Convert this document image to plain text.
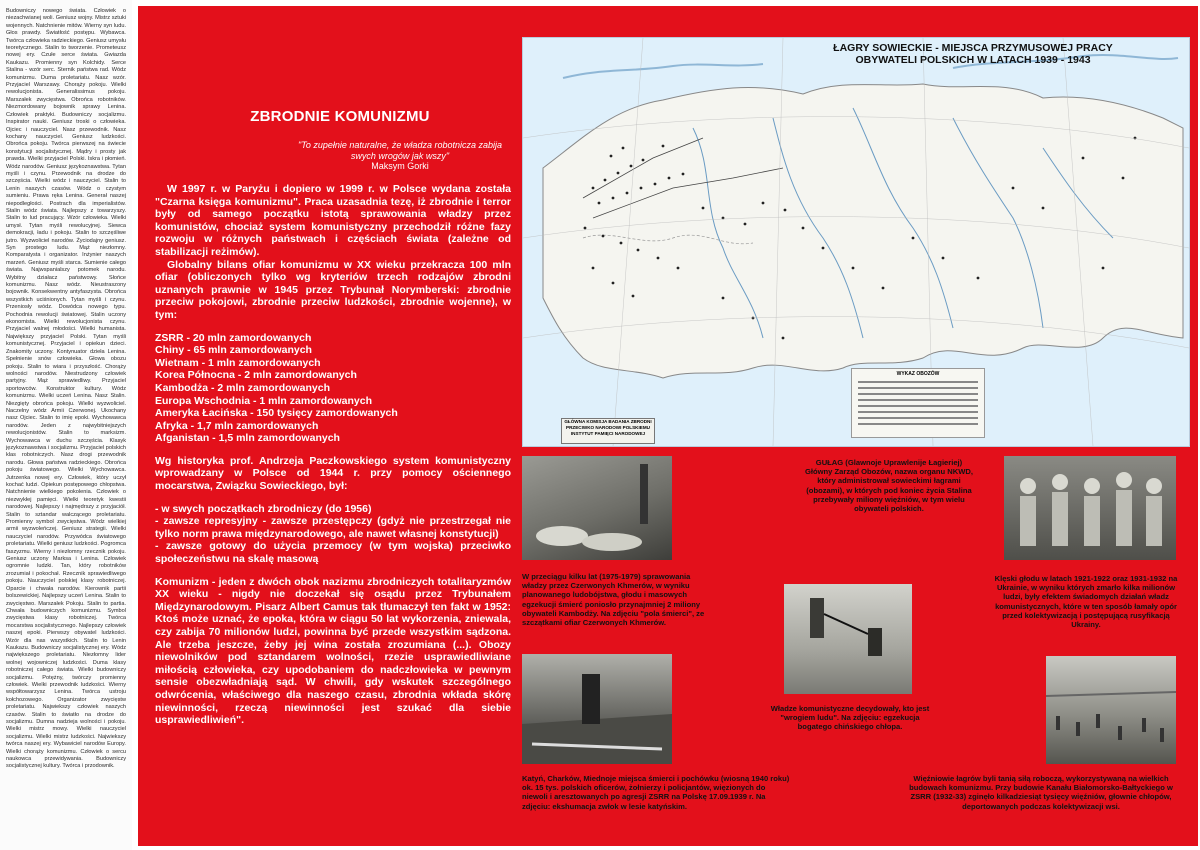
Budowniczy nowego świata. Człowiek o niezachwianej woli. Geniusz wojny. Mistrz sztuki wojennych. Natchnienie mitów. Wierny syn ludu. Głos prawdy. Światłość postępu. Wybawca. Twórca człowieka radzieckiego. Geniusz umysłu teoretycznego. Stalin to tworzenie. Prometeusz nowej ery. Czułe serce świata. Gwiazda Kaukazu. Promienny syn Kolchidy. Serce Stalina - wzór serc. Sternik państwa rad. Wódz komunizmu. Duma proletariatu. Nasz wzór. Przyjaciel Warszawy. Chorąży pokoju. Wielki rewolucjonista. Generalissimus pokoju. Marszałek zwycięstwa. Obrońca robotników. Niezmordowany bojownik sprawy Lenina. Człowiek praktyki. Budowniczy socjalizmu. Inspirator nauki. Geniusz troski o człowieka. Ojciec i nauczyciel. Nasz przewodnik. Nasz kochany nauczyciel. Geniusz ludzkości. Obrońca pokoju. Twórca pierwszej na świecie konstytucji socjalistycznej. Mądry i prosty jak prawda. Wielki przyjaciel Polski. Iskra i płomień. Wódz narodów. Geniusz językoznawstwa. Tytan myśli i czynu. Przewodnik na drodze do szczęścia. Wielki wódz i nauczyciel. Stalin to Lenin naszych czasów. Wódz o czystym sumieniu. Prawa ręka Lenina. Generał naszej niepodległości. Postrach dla imperialistów. Stalin wódz świata. Najlepszy z towarzyszy. Stalin to lud pracujący. Wzór człowieka. Wielki umysł. Tytan myśli rewolucyjnej. Siewca demokracji, ładu i pokoju. Stalin to szczęśliwe jutro. Wyzwoliciel narodów. Życiodajny geniusz. Syn prostego ludu. Mąż niezłomny. Komparatysta i organizator. Inżynier naszych marzeń. Geniusz myśli starca. Sumienie całego świata. Najwspanialszy potomek narodu. Wybitny działacz państwowy. Słońce komunizmu. Nasz wódz. Nieustraszony bojownik. Konsekwentny antyfaszysta. Obrońca wszystkich uciśnionych. Tytan myśli i czynu. Przeniosły wódz. Dowódca nowego typu. Pochodnia rewolucji światowej. Stalin uczony ekonomista. Wielki rewolucjonista czynu. Przyjaciel walnej młodości. Wielki humanista. Największy przyjaciel Polski. Tytan myśli komunistycznej. Przyjaciel i opiekun dzieci. Znakomity uczony. Kontynuator dzieła Lenina. Spełnienie snów człowieka. Głowa obozu pokoju. Stalin to wiara i przyszłość. Chorąży wolności narodów. Niestrudzony człowiek partyjny. Mąż sprawiedliwy. Przyjaciel sportowców. Konstruktor kultury. Wódz komunizmu. Wielki uczeń Lenina. Nasz Stalin. Niezgięty obrońca pokoju. Wielki wyzwoliciel. Naczelny wódz Armii Czerwonej. Ukochany nasz Ojciec. Stalin to imię epoki. Wychowawca narodów. Jeden z najwybitniejszych rewolucjonistów. Stalin to marksizm. Wychowawca w duchu szczęścia. Klasyk językoznawstwa i socjalizmu. Przyjaciel polskich klas robotniczych. Nasz drogi przewodnik narodu. Głowa państwa radzieckiego. Obrońca pokoju światowego. Wielki Wychowawca. Jutrzenka nowej ery. Człowiek, który uczył kochać ludzi. Opiekun postępowego chłopstwa. Natchnienie wielkiego pokolenia. Człowiek o niezwykłej pamięci. Wielki teoretyk kwestii narodowej. Najlepszy i najmędrszy z przyjaciół. Stalin to sztandar walczącego proletariatu. Promienny symbol zwycięstwa. Wódz wielkiej armii wyzwoleńczej. Geniusz strategii. Wielki nauczyciel narodów. Przywódca światowego proletariatu. Wielki geniusz ludzkości. Pogromca faszyzmu. Wierny i niezłomny rzecznik pokoju. Geniusz uczony Marksa i Lenina. Człowiek ogromnie ludzki. Tan, który robotników zrozumiał i pokochał. Rzecznik sprawiedliwego pokoju. Nauczyciel polskiej klasy robotniczej. Oparcie i chwała narodów. Kierownik partii bolszewickiej. Najlepszy uczeń Lenina. Stalin to zwycięstwo. Marszałek Pokoju. Stalin to partia. Chwała budowniczych komunizmu. Symbol zwycięstwa klasy robotniczej. Twórca mocarstwa socjalistycznego. Najlepszy człowiek naszej epoki. Pierwszy obywatel ludzkości. Wzór dla nas wszystkich. Stalin to Lenin Kaukazu. Budowniczy socjalistycznej ery. Wódz największego proletariatu. Niezłomny lider wolnej wojowniczej ludzkości. Duma klasy robotniczej całego świata. Wielki budowniczy socjalizmu. Potężny, twórczy promienny człowiek. Wielki przewodnik ludzkości. Wierny współtowarzysz Lenina. Twórca ustroju kołchozowego. Organizator zwycięstw proletariatu. Najwiekszy człowiek naszych czasów. Stalin to światło na drodze do socjalizmu. Dumna nadzieja wolności i pokoju. Wielki mistrz mowy. Wielki nauczyciel socjalizmu. Wielki mistrz ludzkości. Najwiekszy twórca naszej ery. Wybawiciel narodów Europy. Wielki chorąży komunizmu. Człowiek o sercu naukowca przewidywania. Budowniczy socjalistycznej kultury. Twórca i przodownik.

ZBRODNIE KOMUNIZMU
"To zupełnie naturalne, że władza robotnicza zabija swych wrogów jak wszy"
Maksym Gorki

W 1997 r. w Paryżu i dopiero w 1999 r. w Polsce wydana została "Czarna księga komunizmu". Praca uzasadnia tezę, iż zbrodnie i terror były od samego początku istotą sprawowania władzy przez komunistów, chociaż system komunistyczny przechodził różne fazy rozwoju w różnych państwach i częściach świata (zależne od stabilizacji reżimów).

Globalny bilans ofiar komunizmu w XX wieku przekracza 100 mln ofiar (obliczonych tylko wg kryteriów trzech rodzajów zbrodni uznanych prawnie w 1945 przez Trybunał Norymberski: zbrodnie przeciw pokojowi, zbrodnie przeciw ludzkości, zbrodnie wojenne), w tym:

ZSRR - 20 mln zamordowanych
Chiny - 65 mln zamordowanych
Wietnam - 1 mln zamordowanych
Korea Północna - 2 mln zamordowanych
Kambodża - 2 mln zamordowanych
Europa Wschodnia - 1 mln zamordowanych
Ameryka Łacińska - 150 tysięcy zamordowanych
Afryka - 1,7 mln zamordowanych
Afganistan - 1,5 mln zamordowanych

Wg historyka prof. Andrzeja Paczkowskiego system komunistyczny wprowadzany w Polsce od 1944 r. przy pomocy ościennego mocarstwa, Związku Sowieckiego, był:

- w swych początkach zbrodniczy (do 1956)
- zawsze represyjny - zawsze przestępczy (gdyż nie przestrzegał nie tylko norm prawa międzynarodowego, ale nawet własnej konstytucji)
- zawsze gotowy do użycia przemocy (w tym wojska) przeciwko społeczeństwu na skalę masową

Komunizm - jeden z dwóch obok nazizmu zbrodniczych totalitaryzmów XX wieku - nigdy nie doczekał się osądu przez Trybunałem Międzynarodowym. Pisarz Albert Camus tak tłumaczył ten fakt w 1952: Ktoś może uznać, że epoka, która w ciągu 50 lat wykorzenia, zniewala, czy zabija 70 milionów ludzi, powinna być przede wszystkim sądzona. Ale trzeba jeszcze, żeby jej wina została zrozumiana (...). Obozy niewolników pod sztandarem wolności, rzezie usprawiedliwiane miłością człowieka, czy upodobaniem do nadczłowieka w pewnym sensie obezwładniają sąd. W chwili, gdy wskutek szczególnego odwrócenia, właściwego dla naszego czasu, zbrodnia wkłada skórę niewinności, rzeczą niewinności jest szukać dla siebie usprawiedliwień".

ŁAGRY SOWIECKIE - MIEJSCA PRZYMUSOWEJ PRACY
OBYWATELI POLSKICH W LATACH 1939 - 1943
WYKAZ OBOZÓW
GŁÓWNA KOMISJA BADANIA ZBRODNI PRZECIWKO NARODOWI POLSKIEMU INSTYTUT PAMIĘCI NARODOWEJ
GUŁAG (Glawnoje Uprawlenije Łagieriej) Główny Zarząd Obozów, nazwa organu NKWD, który administrował sowieckimi łagrami (obozami), w których pod koniec życia Stalina przebywały miliony więźniów, w tym wielu obywateli polskich.
W przeciągu kilku lat (1975-1979) sprawowania władzy przez Czerwonych Khmerów, w wyniku planowanego ludobójstwa, głodu i masowych egzekucji śmierć poniosło przynajmniej 2 miliony obywateli Kambodży. Na zdjęciu "pola śmierci", ze szczątkami ofiar Czerwonych Khmerów.
Klęski głodu w latach 1921-1922 oraz 1931-1932 na Ukrainie, w wyniku których zmarło kilka milionów ludzi, były efektem świadomych działań władz komunistycznych, które w ten sposób łamały opór przed kolektywizacją i postępującą rusyfikacją Ukrainy.
Władze komunistyczne decydowały, kto jest "wrogiem ludu". Na zdjęciu: egzekucja bogatego chińskiego chłopa.
Katyń, Charków, Miednoje miejsca śmierci i pochówku (wiosną 1940 roku) ok. 15 tys. polskich oficerów, żołnierzy i policjantów, więzionych do niewoli i aresztowanych po agresji ZSRR na Polskę 17.09.1939 r. Na zdjęciu: ekshumacja zwłok w lesie katyńskim.
Więźniowie łagrów byli tanią siłą roboczą, wykorzystywaną na wielkich budowach komunizmu. Przy budowie Kanału Białomorsko-Bałtyckiego w ZSRR (1932-33) zginęło kilkadziesiąt tysięcy więźniów, głownie chłopów, deportowanych podczas kolektywizacji wsi.
